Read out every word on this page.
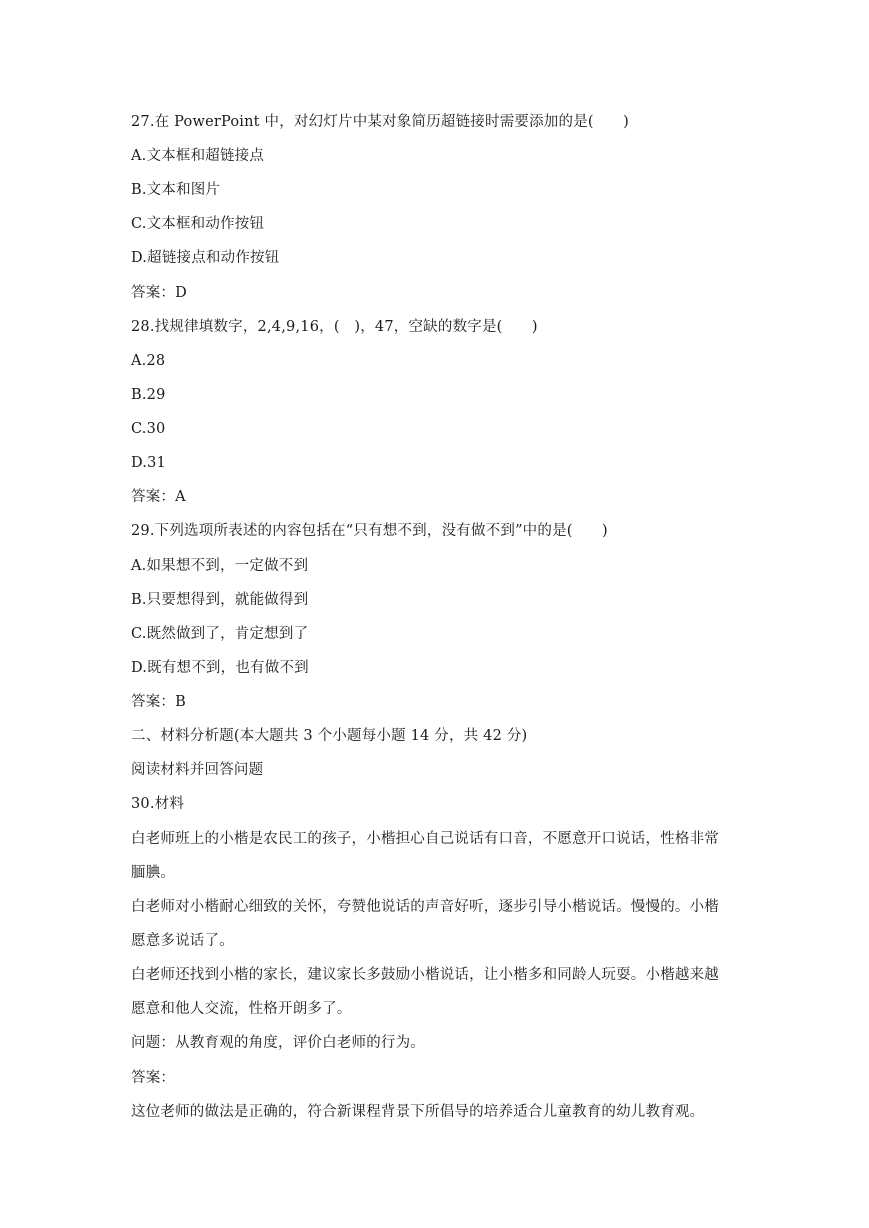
27.在 PowerPoint 中，对幻灯片中某对象简历超链接时需要添加的是(　　)
A.文本框和超链接点
B.文本和图片
C.文本框和动作按钮
D.超链接点和动作按钮
答案：D
28.找规律填数字，2,4,9,16，(　)，47，空缺的数字是(　　)
A.28
B.29
C.30
D.31
答案：A
29.下列选项所表述的内容包括在“只有想不到，没有做不到”中的是(　　)
A.如果想不到，一定做不到
B.只要想得到，就能做得到
C.既然做到了，肯定想到了
D.既有想不到，也有做不到
答案：B
二、材料分析题(本大题共 3 个小题每小题 14 分，共 42 分)
阅读材料并回答问题
30.材料
白老师班上的小楷是农民工的孩子，小楷担心自己说话有口音，不愿意开口说话，性格非常
腼腆。
白老师对小楷耐心细致的关怀，夸赞他说话的声音好听，逐步引导小楷说话。慢慢的。小楷
愿意多说话了。
白老师还找到小楷的家长，建议家长多鼓励小楷说话，让小楷多和同龄人玩耍。小楷越来越
愿意和他人交流，性格开朗多了。
问题：从教育观的角度，评价白老师的行为。
答案：
这位老师的做法是正确的，符合新课程背景下所倡导的培养适合儿童教育的幼儿教育观。
